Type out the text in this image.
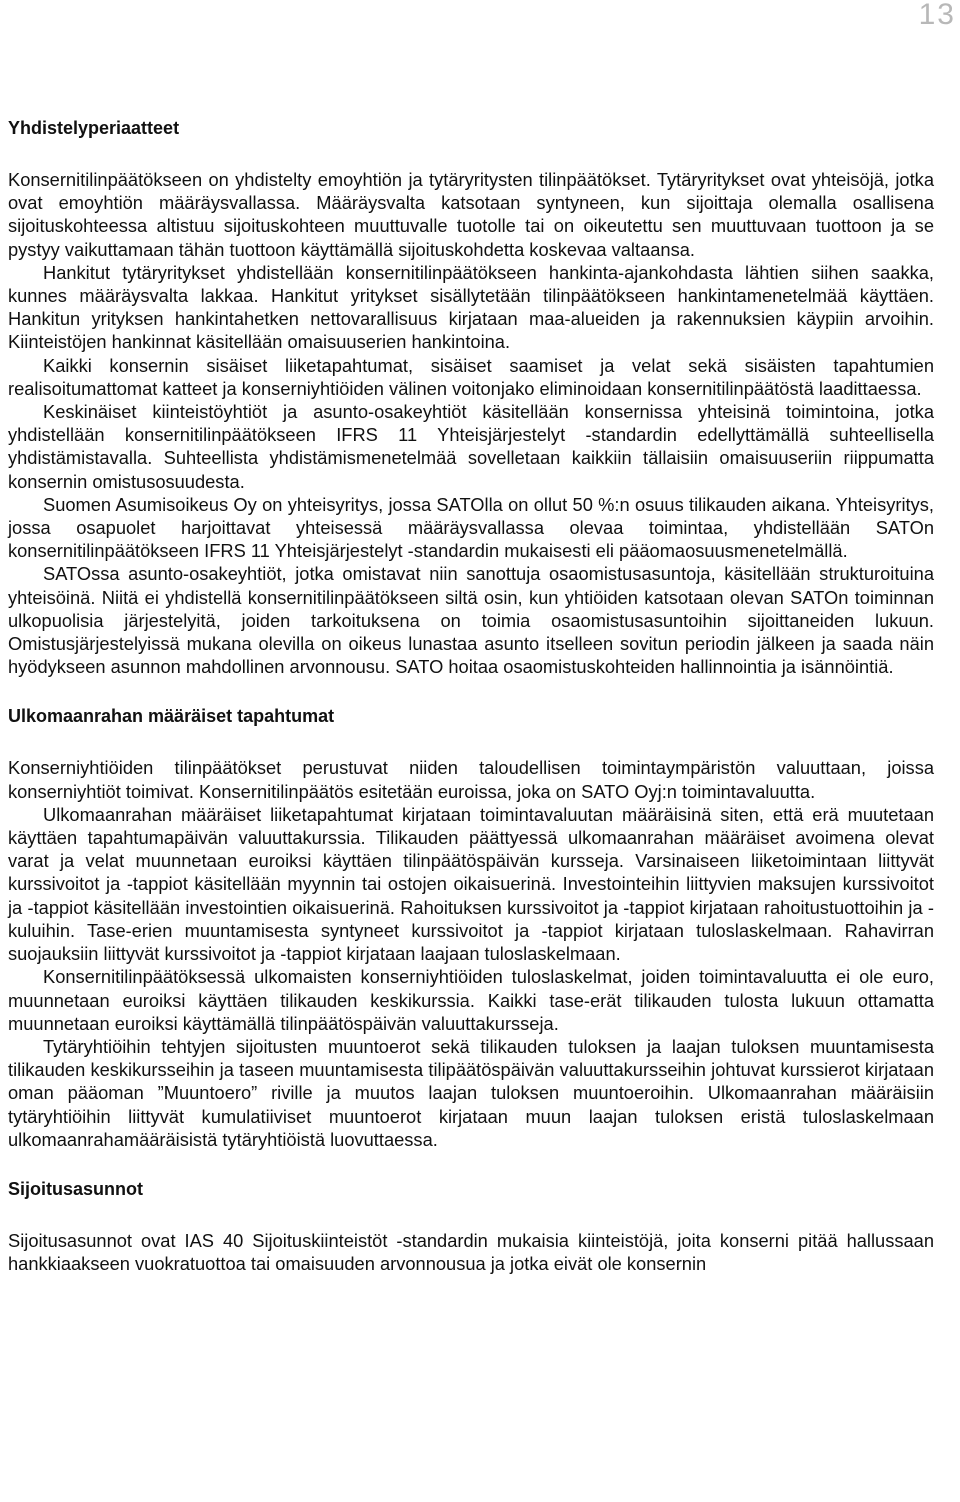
13
Yhdistelyperiaatteet

Konsernitilinpäätökseen on yhdistelty emoyhtiön ja tytäryritysten tilinpäätökset. Tytäryritykset ovat yhteisöjä, jotka ovat emoyhtiön määräysvallassa. Määräysvalta katsotaan syntyneen, kun sijoittaja olemalla osallisena sijoituskohteessa altistuu sijoituskohteen muuttuvalle tuotolle tai on oikeutettu sen muuttuvaan tuottoon ja se pystyy vaikuttamaan tähän tuottoon käyttämällä sijoituskohdetta koskevaa valtaansa.

Hankitut tytäryritykset yhdistellään konsernitilinpäätökseen hankinta-ajankohdasta lähtien siihen saakka, kunnes määräysvalta lakkaa. Hankitut yritykset sisällytetään tilinpäätökseen hankintamenetelmää käyttäen. Hankitun yrityksen hankintahetken nettovarallisuus kirjataan maa-alueiden ja rakennuksien käypiin arvoihin. Kiinteistöjen hankinnat käsitellään omaisuuserien hankintoina.

Kaikki konsernin sisäiset liiketapahtumat, sisäiset saamiset ja velat sekä sisäisten tapahtumien realisoitumattomat katteet ja konserniyhtiöiden välinen voitonjako eliminoidaan konsernitilinpäätöstä laadittaessa.

Keskinäiset kiinteistöyhtiöt ja asunto-osakeyhtiöt käsitellään konsernissa yhteisinä toimintoina, jotka yhdistellään konsernitilinpäätökseen IFRS 11 Yhteisjärjestelyt -standardin edellyttämällä suhteellisella yhdistämistavalla. Suhteellista yhdistämismenetelmää sovelletaan kaikkiin tällaisiin omaisuuseriin riippumatta konsernin omistusosuudesta.

Suomen Asumisoikeus Oy on yhteisyritys, jossa SATOlla on ollut 50 %:n osuus tilikauden aikana. Yhteisyritys, jossa osapuolet harjoittavat yhteisessä määräysvallassa olevaa toimintaa, yhdistellään SATOn konsernitilinpäätökseen IFRS 11 Yhteisjärjestelyt -standardin mukaisesti eli pääomaosuusmenetelmällä.

SATOssa asunto-osakeyhtiöt, jotka omistavat niin sanottuja osaomistusasuntoja, käsitellään strukturoituina yhteisöinä. Niitä ei yhdistellä konsernitilinpäätökseen siltä osin, kun yhtiöiden katsotaan olevan SATOn toiminnan ulkopuolisia järjestelyitä, joiden tarkoituksena on toimia osaomistusasuntoihin sijoittaneiden lukuun. Omistusjärjestelyissä mukana olevilla on oikeus lunastaa asunto itselleen sovitun periodin jälkeen ja saada näin hyödykseen asunnon mahdollinen arvonnousu. SATO hoitaa osaomistuskohteiden hallinnointia ja isännöintiä.

Ulkomaanrahan määräiset tapahtumat

Konserniyhtiöiden tilinpäätökset perustuvat niiden taloudellisen toimintaympäristön valuuttaan, joissa konserniyhtiöt toimivat. Konsernitilinpäätös esitetään euroissa, joka on SATO Oyj:n toimintavaluutta.

Ulkomaanrahan määräiset liiketapahtumat kirjataan toimintavaluutan määräisinä siten, että erä muutetaan käyttäen tapahtumapäivän valuuttakurssia. Tilikauden päättyessä ulkomaanrahan määräiset avoimena olevat varat ja velat muunnetaan euroiksi käyttäen tilinpäätöspäivän kursseja. Varsinaiseen liiketoimintaan liittyvät kurssivoitot ja -tappiot käsitellään myynnin tai ostojen oikaisuerinä. Investointeihin liittyvien maksujen kurssivoitot ja -tappiot käsitellään investointien oikaisuerinä. Rahoituksen kurssivoitot ja -tappiot kirjataan rahoitustuottoihin ja -kuluihin. Tase-erien muuntamisesta syntyneet kurssivoitot ja -tappiot kirjataan tuloslaskelmaan. Rahavirran suojauksiin liittyvät kurssivoitot ja -tappiot kirjataan laajaan tuloslaskelmaan.

Konsernitilinpäätöksessä ulkomaisten konserniyhtiöiden tuloslaskelmat, joiden toimintavaluutta ei ole euro, muunnetaan euroiksi käyttäen tilikauden keskikurssia. Kaikki tase-erät tilikauden tulosta lukuun ottamatta muunnetaan euroiksi käyttämällä tilinpäätöspäivän valuuttakursseja.

Tytäryhtiöihin tehtyjen sijoitusten muuntoerot sekä tilikauden tuloksen ja laajan tuloksen muuntamisesta tilikauden keskikursseihin ja taseen muuntamisesta tilipäätöspäivän valuuttakursseihin johtuvat kurssierot kirjataan oman pääoman ”Muuntoero” riville ja muutos laajan tuloksen muuntoeroihin. Ulkomaanrahan määräisiin tytäryhtiöihin liittyvät kumulatiiviset muuntoerot kirjataan muun laajan tuloksen eristä tuloslaskelmaan ulkomaanrahamääräisistä tytäryhtiöistä luovuttaessa.

Sijoitusasunnot

Sijoitusasunnot ovat IAS 40 Sijoituskiinteistöt -standardin mukaisia kiinteistöjä, joita konserni pitää hallussaan hankkiaakseen vuokratuottoa tai omaisuuden arvonnousua ja jotka eivät ole konsernin
